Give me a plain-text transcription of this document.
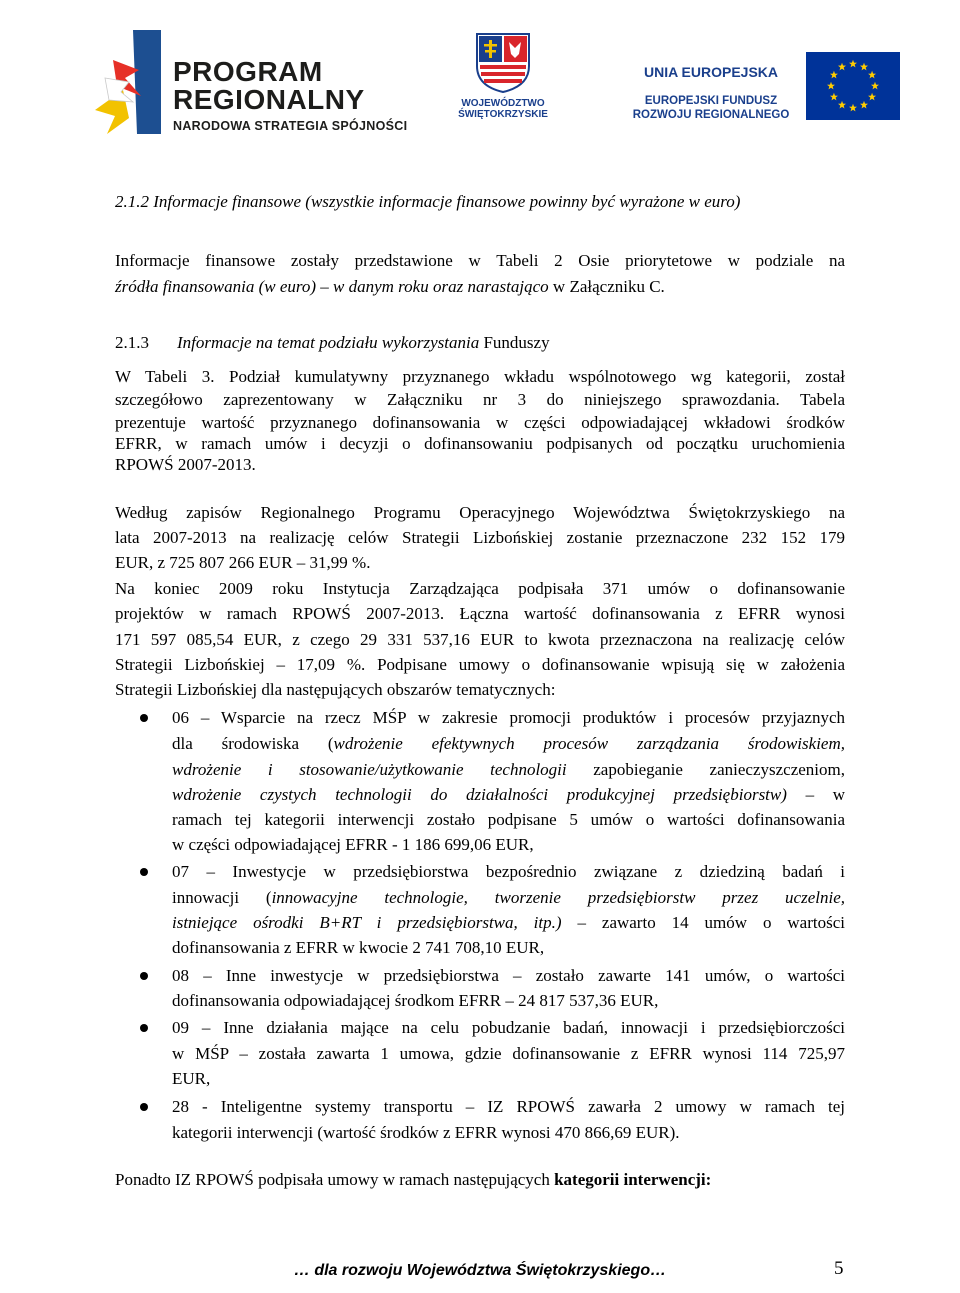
PROGRAM
REGIONALNY
NARODOWA STRATEGIA SPÓJNOŚCI
WOJEWÓDZTWO
ŚWIĘTOKRZYSKIE
UNIA EUROPEJSKA
EUROPEJSKI FUNDUSZ
ROZWOJU REGIONALNEGO
2.1.2 Informacje finansowe (wszystkie informacje finansowe powinny być wyrażone w euro)
Informacje finansowe zostały przedstawione w Tabeli 2 Osie priorytetowe w podziale na
źródła finansowania (w euro) – w danym roku oraz narastająco w Załączniku C.
2.1.3 Informacje na temat podziału wykorzystania Funduszy
W Tabeli 3. Podział kumulatywny przyznanego wkładu wspólnotowego wg kategorii, został
szczegółowo zaprezentowany w Załączniku nr 3 do niniejszego sprawozdania. Tabela
prezentuje wartość przyznanego dofinansowania w części odpowiadającej wkładowi środków
EFRR, w ramach umów i decyzji o dofinansowaniu podpisanych od początku uruchomienia
RPOWŚ 2007-2013.
Według zapisów Regionalnego Programu Operacyjnego Województwa Świętokrzyskiego na
lata 2007-2013 na realizację celów Strategii Lizbońskiej zostanie przeznaczone 232 152 179
EUR, z 725 807 266 EUR – 31,99 %.
Na koniec 2009 roku Instytucja Zarządzająca podpisała 371 umów o dofinansowanie
projektów w ramach RPOWŚ 2007-2013. Łączna wartość dofinansowania z EFRR wynosi
171 597 085,54 EUR, z czego 29 331 537,16 EUR to kwota przeznaczona na realizację celów
Strategii Lizbońskiej – 17,09 %. Podpisane umowy o dofinansowanie wpisują się w założenia
Strategii Lizbońskiej dla następujących obszarów tematycznych:
06 – Wsparcie na rzecz MŚP w zakresie promocji produktów i procesów przyjaznych
dla środowiska (wdrożenie efektywnych procesów zarządzania środowiskiem,
wdrożenie i stosowanie/użytkowanie technologii zapobieganie zanieczyszczeniom,
wdrożenie czystych technologii do działalności produkcyjnej przedsiębiorstw) – w
ramach tej kategorii interwencji zostało podpisane 5 umów o wartości dofinansowania
w części odpowiadającej EFRR - 1 186 699,06 EUR,
07 – Inwestycje w przedsiębiorstwa bezpośrednio związane z dziedziną badań i
innowacji (innowacyjne technologie, tworzenie przedsiębiorstw przez uczelnie,
istniejące ośrodki B+RT i przedsiębiorstwa, itp.) – zawarto 14 umów o wartości
dofinansowania z EFRR w kwocie 2 741 708,10 EUR,
08 – Inne inwestycje w przedsiębiorstwa – zostało zawarte 141 umów, o wartości
dofinansowania odpowiadającej środkom EFRR – 24 817 537,36 EUR,
09 – Inne działania mające na celu pobudzanie badań, innowacji i przedsiębiorczości
w MŚP – została zawarta 1 umowa, gdzie dofinansowanie z EFRR wynosi 114 725,97
EUR,
28 - Inteligentne systemy transportu – IZ RPOWŚ zawarła 2 umowy w ramach tej
kategorii interwencji (wartość środków z EFRR wynosi 470 866,69 EUR).
Ponadto IZ RPOWŚ podpisała umowy w ramach następujących kategorii interwencji:
… dla rozwoju Województwa Świętokrzyskiego…	5
